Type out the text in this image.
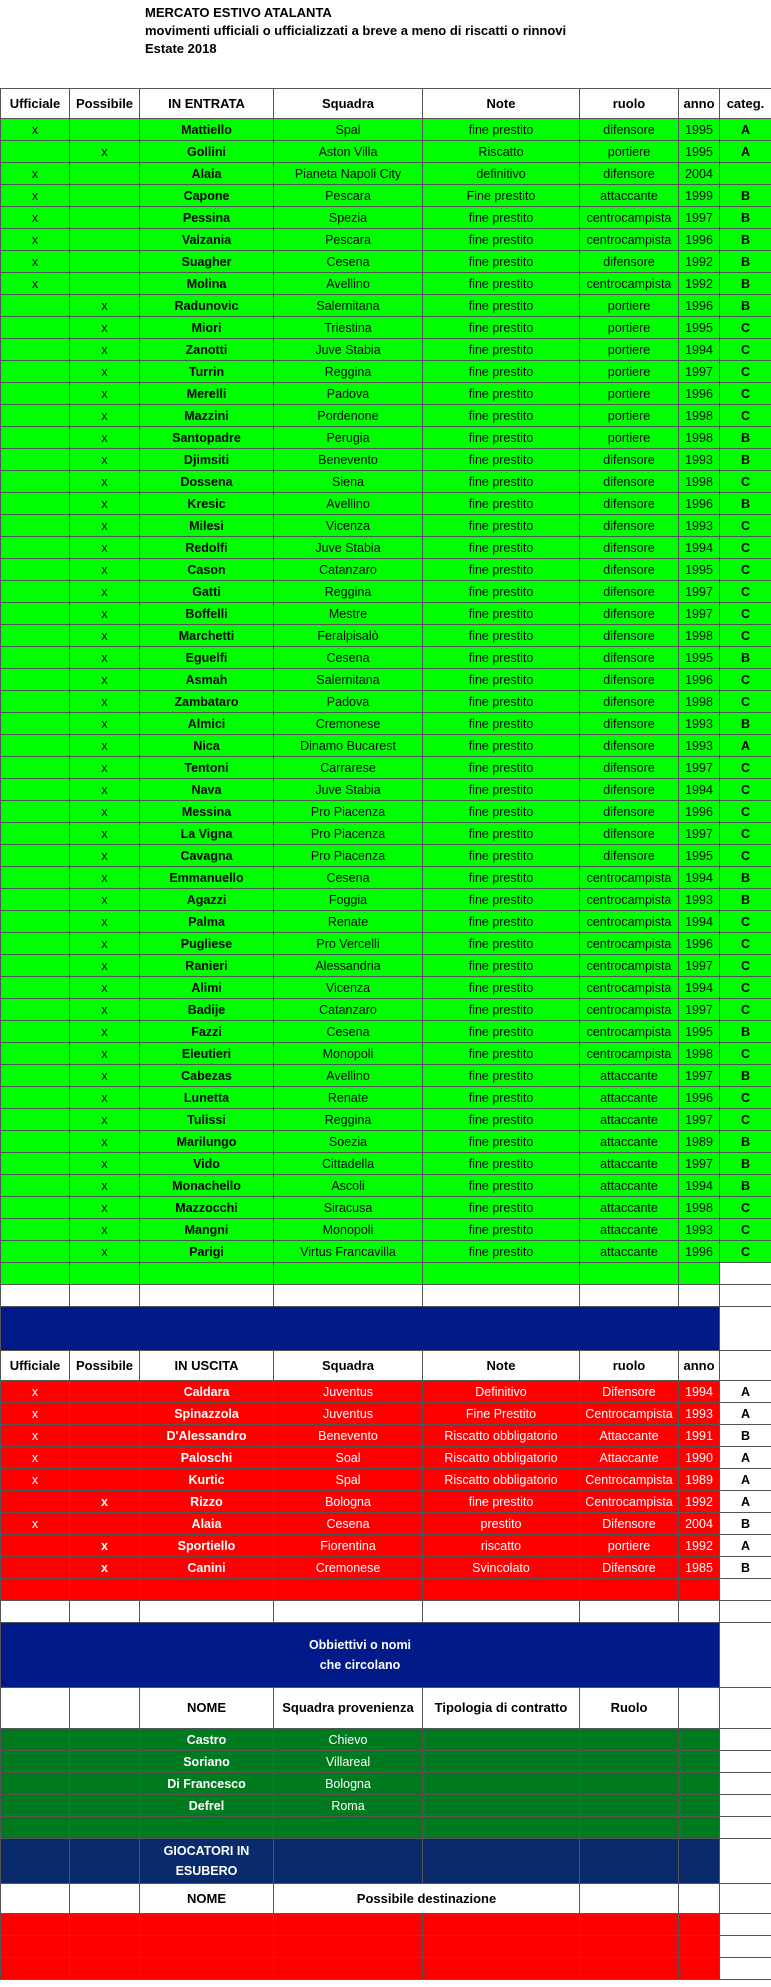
MERCATO ESTIVO ATALANTA
movimenti ufficiali o ufficializzati a breve a meno di riscatti o rinnovi
Estate 2018
Ufficiale	Possibile	IN ENTRATA	Squadra	Note	ruolo	anno	categ.
x		Mattiello	Spal	fine prestito	difensore	1995	A
	x	Gollini	Aston Villa	Riscatto	portiere	1995	A
x		Alaia	Pianeta Napoli City	definitivo	difensore	2004	
x		Capone	Pescara	Fine prestito	attaccante	1999	B
x		Pessina	Spezia	fine prestito	centrocampista	1997	B
x		Valzania	Pescara	fine prestito	centrocampista	1996	B
x		Suagher	Cesena	fine prestito	difensore	1992	B
x		Molina	Avellino	fine prestito	centrocampista	1992	B
	x	Radunovic	Salernitana	fine prestito	portiere	1996	B
	x	Miori	Triestina	fine prestito	portiere	1995	C
	x	Zanotti	Juve Stabia	fine prestito	portiere	1994	C
	x	Turrin	Reggina	fine prestito	portiere	1997	C
	x	Merelli	Padova	fine prestito	portiere	1996	C
	x	Mazzini	Pordenone	fine prestito	portiere	1998	C
	x	Santopadre	Perugia	fine prestito	portiere	1998	B
	x	Djimsiti	Benevento	fine prestito	difensore	1993	B
	x	Dossena	Siena	fine prestito	difensore	1998	C
	x	Kresic	Avellino	fine prestito	difensore	1996	B
	x	Milesi	Vicenza	fine prestito	difensore	1993	C
	x	Redolfi	Juve Stabia	fine prestito	difensore	1994	C
	x	Cason	Catanzaro	fine prestito	difensore	1995	C
	x	Gatti	Reggina	fine prestito	difensore	1997	C
	x	Boffelli	Mestre	fine prestito	difensore	1997	C
	x	Marchetti	Feralpisalò	fine prestito	difensore	1998	C
	x	Eguelfi	Cesena	fine prestito	difensore	1995	B
	x	Asmah	Salernitana	fine prestito	difensore	1996	C
	x	Zambataro	Padova	fine prestito	difensore	1998	C
	x	Almici	Cremonese	fine prestito	difensore	1993	B
	x	Nica	Dinamo Bucarest	fine prestito	difensore	1993	A
	x	Tentoni	Carrarese	fine prestito	difensore	1997	C
	x	Nava	Juve Stabia	fine prestito	difensore	1994	C
	x	Messina	Pro Piacenza	fine prestito	difensore	1996	C
	x	La Vigna	Pro Piacenza	fine prestito	difensore	1997	C
	x	Cavagna	Pro Piacenza	fine prestito	difensore	1995	C
	x	Emmanuello	Cesena	fine prestito	centrocampista	1994	B
	x	Agazzi	Foggia	fine prestito	centrocampista	1993	B
	x	Palma	Renate	fine prestito	centrocampista	1994	C
	x	Pugliese	Pro Vercelli	fine prestito	centrocampista	1996	C
	x	Ranieri	Alessandria	fine prestito	centrocampista	1997	C
	x	Alimi	Vicenza	fine prestito	centrocampista	1994	C
	x	Badije	Catanzaro	fine prestito	centrocampista	1997	C
	x	Fazzi	Cesena	fine prestito	centrocampista	1995	B
	x	Eleutieri	Monopoli	fine prestito	centrocampista	1998	C
	x	Cabezas	Avellino	fine prestito	attaccante	1997	B
	x	Lunetta	Renate	fine prestito	attaccante	1996	C
	x	Tulissi	Reggina	fine prestito	attaccante	1997	C
	x	Marilungo	Soezia	fine prestito	attaccante	1989	B
	x	Vido	Cittadella	fine prestito	attaccante	1997	B
	x	Monachello	Ascoli	fine prestito	attaccante	1994	B
	x	Mazzocchi	Siracusa	fine prestito	attaccante	1998	C
	x	Mangni	Monopoli	fine prestito	attaccante	1993	C
	x	Parigi	Virtus Francavilla	fine prestito	attaccante	1996	C

Ufficiale	Possibile	IN USCITA	Squadra	Note	ruolo	anno	
x		Caldara	Juventus	Definitivo	Difensore	1994	A
x		Spinazzola	Juventus	Fine Prestito	Centrocampista	1993	A
x		D'Alessandro	Benevento	Riscatto obbligatorio	Attaccante	1991	B
x		Paloschi	Soal	Riscatto obbligatorio	Attaccante	1990	A
x		Kurtic	Spal	Riscatto obbligatorio	Centrocampista	1989	A
	x	Rizzo	Bologna	fine prestito	Centrocampista	1992	A
x		Alaia	Cesena	prestito	Difensore	2004	B
	x	Sportiello	Fiorentina	riscatto	portiere	1992	A
	x	Canini	Cremonese	Svincolato	Difensore	1985	B

Obbiettivi o nomi
che circolano							

		NOME	Squadra provenienza	Tipologia di contratto	Ruolo		
		Castro	Chievo				
		Soriano	Villareal				
		Di Francesco	Bologna				
		Defrel	Roma				

		GIOCATORI IN
ESUBERO					

		NOME	Possibile destinazione				
